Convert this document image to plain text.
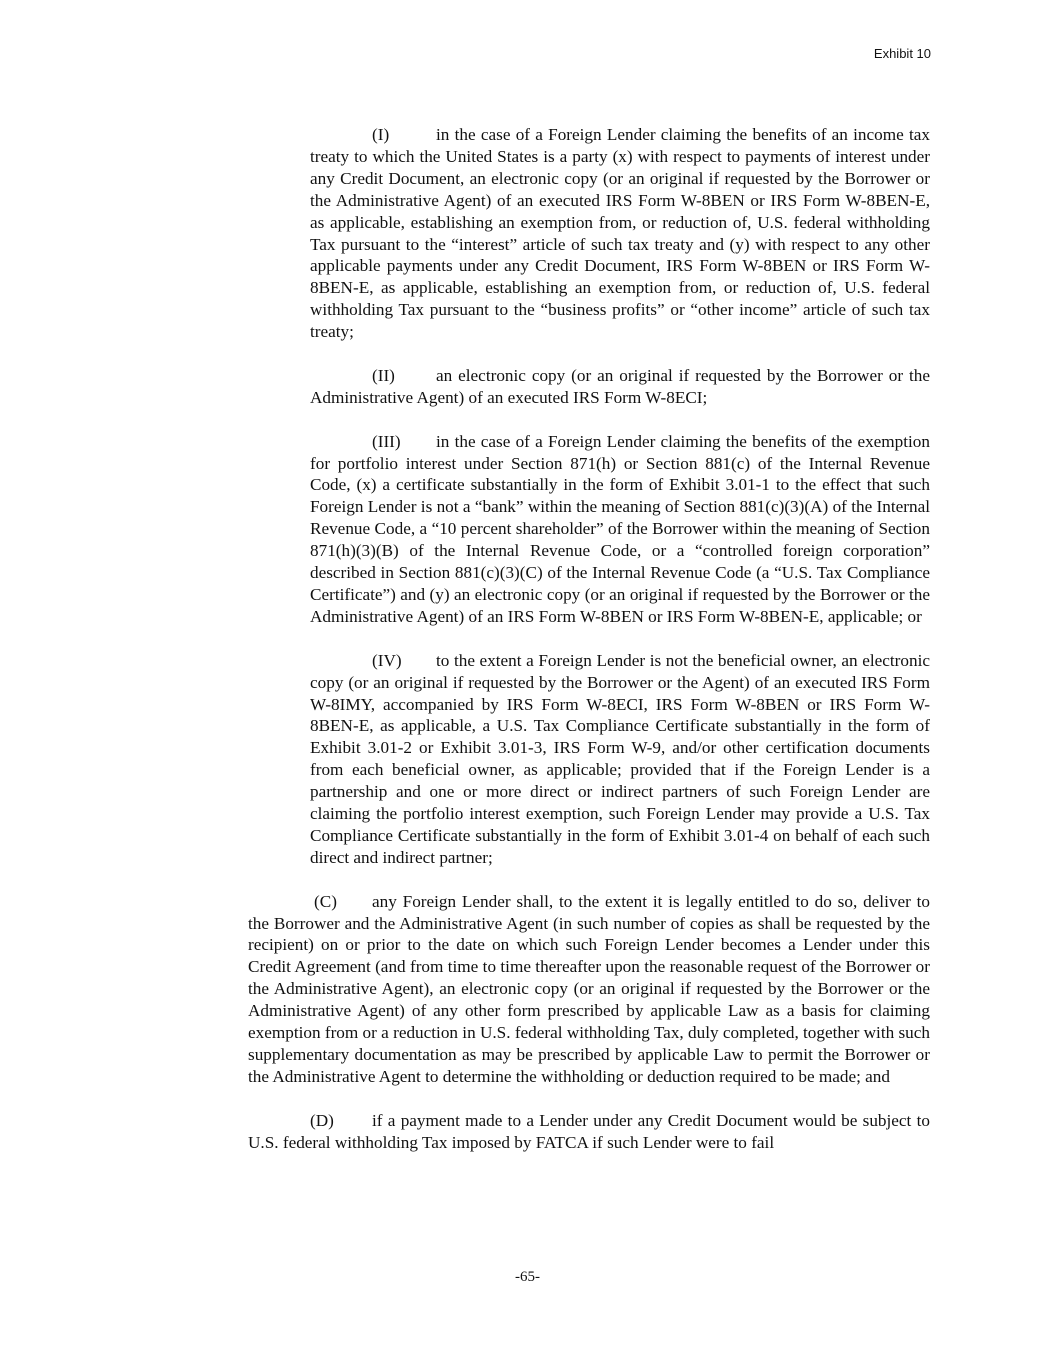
Exhibit 10

(I)	in the case of a Foreign Lender claiming the benefits of an income tax treaty to which the United States is a party (x) with respect to payments of interest under any Credit Document, an electronic copy (or an original if requested by the Borrower or the Administrative Agent) of an executed IRS Form W-8BEN or IRS Form W-8BEN-E, as applicable, establishing an exemption from, or reduction of, U.S. federal withholding Tax pursuant to the “interest” article of such tax treaty and (y) with respect to any other applicable payments under any Credit Document, IRS Form W-8BEN or IRS Form W-8BEN-E, as applicable, establishing an exemption from, or reduction of, U.S. federal withholding Tax pursuant to the “business profits” or “other income” article of such tax treaty;

(II) an electronic copy (or an original if requested by the Borrower or the Administrative Agent) of an executed IRS Form W-8ECI;

(III) in the case of a Foreign Lender claiming the benefits of the exemption for portfolio interest under Section 871(h) or Section 881(c) of the Internal Revenue Code, (x) a certificate substantially in the form of Exhibit 3.01-1 to the effect that such Foreign Lender is not a “bank” within the meaning of Section 881(c)(3)(A) of the Internal Revenue Code, a “10 percent shareholder” of the Borrower within the meaning of Section 871(h)(3)(B) of the Internal Revenue Code, or a “controlled foreign corporation” described in Section 881(c)(3)(C) of the Internal Revenue Code (a “U.S. Tax Compliance Certificate”) and (y) an electronic copy (or an original if requested by the Borrower or the Administrative Agent) of an IRS Form W-8BEN or IRS Form W-8BEN-E, applicable; or

(IV) to the extent a Foreign Lender is not the beneficial owner, an electronic copy (or an original if requested by the Borrower or the Agent) of an executed IRS Form W-8IMY, accompanied by IRS Form W-8ECI, IRS Form W-8BEN or IRS Form W-8BEN-E, as applicable, a U.S. Tax Compliance Certificate substantially in the form of Exhibit 3.01-2 or Exhibit 3.01-3, IRS Form W-9, and/or other certification documents from each beneficial owner, as applicable; provided that if the Foreign Lender is a partnership and one or more direct or indirect partners of such Foreign Lender are claiming the portfolio interest exemption, such Foreign Lender may provide a U.S. Tax Compliance Certificate substantially in the form of Exhibit 3.01-4 on behalf of each such direct and indirect partner;

(C) any Foreign Lender shall, to the extent it is legally entitled to do so, deliver to the Borrower and the Administrative Agent (in such number of copies as shall be requested by the recipient) on or prior to the date on which such Foreign Lender becomes a Lender under this Credit Agreement (and from time to time thereafter upon the reasonable request of the Borrower or the Administrative Agent), an electronic copy (or an original if requested by the Borrower or the Administrative Agent) of any other form prescribed by applicable Law as a basis for claiming exemption from or a reduction in U.S. federal withholding Tax, duly completed, together with such supplementary documentation as may be prescribed by applicable Law to permit the Borrower or the Administrative Agent to determine the withholding or deduction required to be made; and

(D) if a payment made to a Lender under any Credit Document would be subject to U.S. federal withholding Tax imposed by FATCA if such Lender were to fail

-65-
